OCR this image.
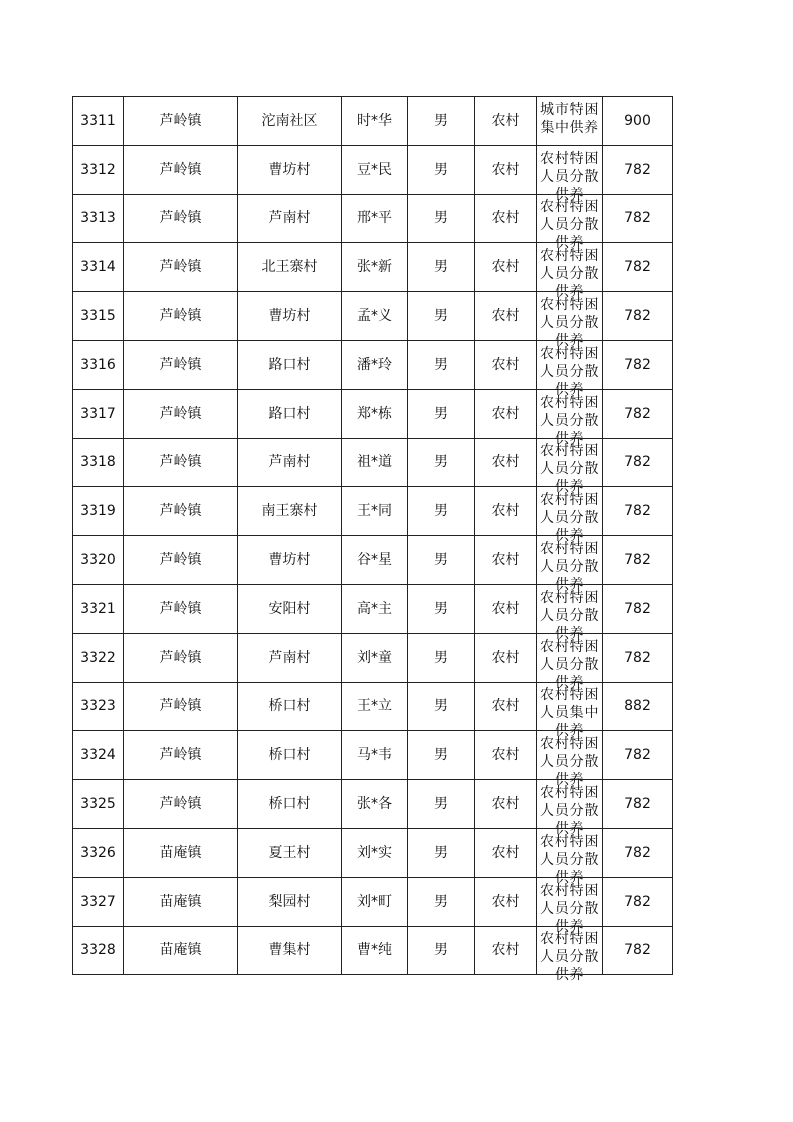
3311	芦岭镇	沱南社区	时*华	男	农村	城市特困集中供养	900
3312	芦岭镇	曹坊村	豆*民	男	农村	农村特困人员分散供养	782
3313	芦岭镇	芦南村	邢*平	男	农村	农村特困人员分散供养	782
3314	芦岭镇	北王寨村	张*新	男	农村	农村特困人员分散供养	782
3315	芦岭镇	曹坊村	孟*义	男	农村	农村特困人员分散供养	782
3316	芦岭镇	路口村	潘*玲	男	农村	农村特困人员分散供养	782
3317	芦岭镇	路口村	郑*栋	男	农村	农村特困人员分散供养	782
3318	芦岭镇	芦南村	祖*道	男	农村	农村特困人员分散供养	782
3319	芦岭镇	南王寨村	王*同	男	农村	农村特困人员分散供养	782
3320	芦岭镇	曹坊村	谷*星	男	农村	农村特困人员分散供养	782
3321	芦岭镇	安阳村	高*主	男	农村	农村特困人员分散供养	782
3322	芦岭镇	芦南村	刘*童	男	农村	农村特困人员分散供养	782
3323	芦岭镇	桥口村	王*立	男	农村	农村特困人员集中供养	882
3324	芦岭镇	桥口村	马*韦	男	农村	农村特困人员分散供养	782
3325	芦岭镇	桥口村	张*各	男	农村	农村特困人员分散供养	782
3326	苗庵镇	夏王村	刘*实	男	农村	农村特困人员分散供养	782
3327	苗庵镇	梨园村	刘*町	男	农村	农村特困人员分散供养	782
3328	苗庵镇	曹集村	曹*纯	男	农村	农村特困人员分散供养	782
